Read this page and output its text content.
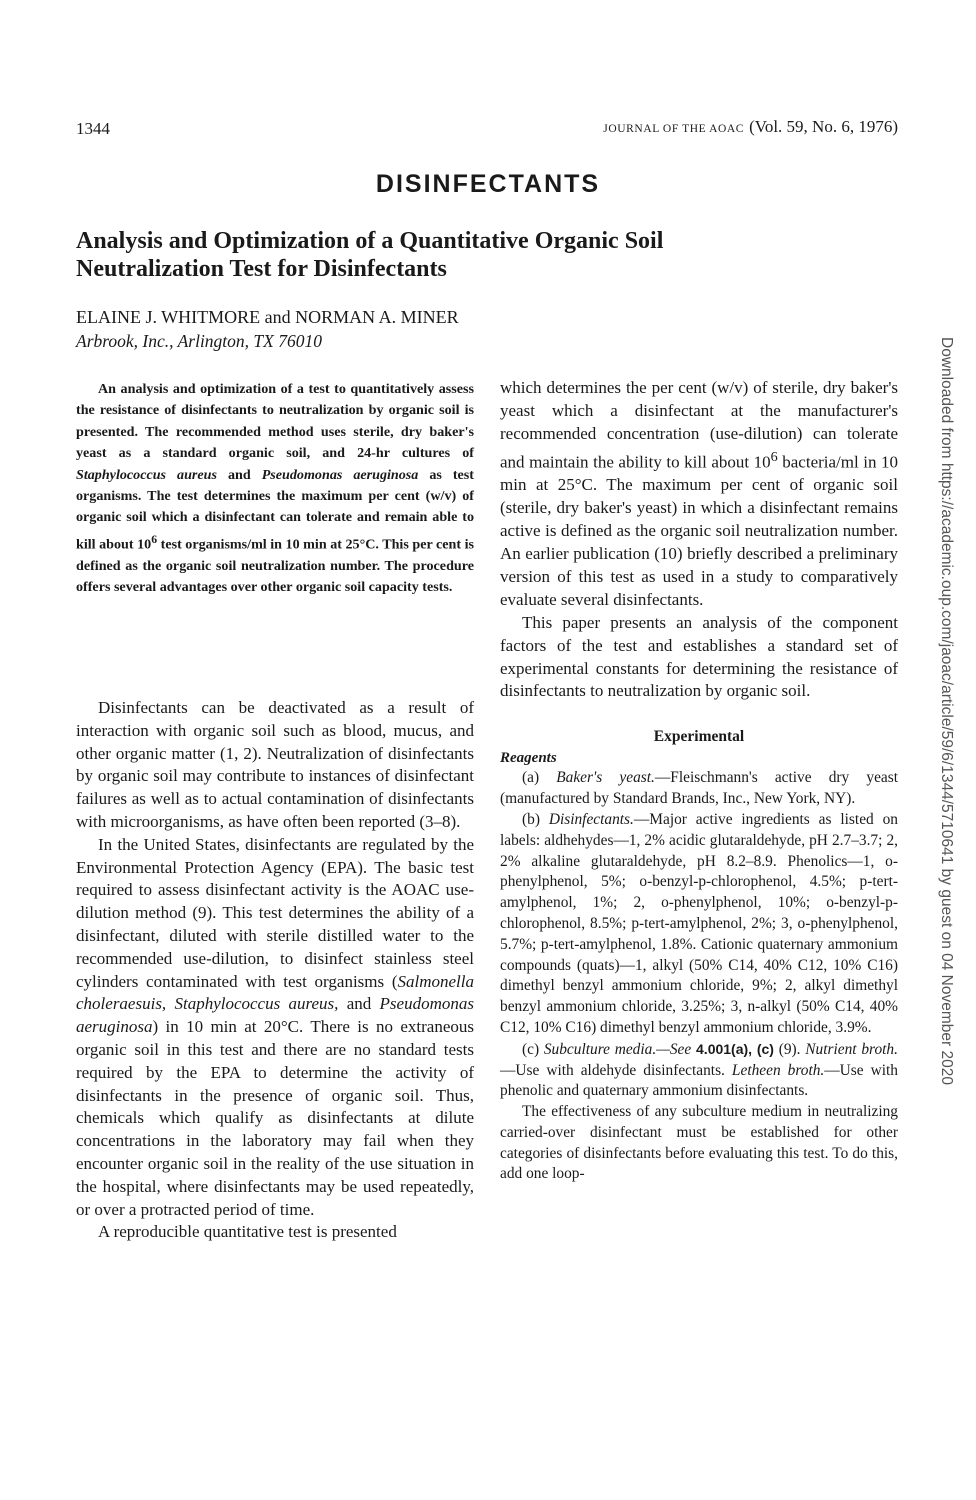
1344	JOURNAL OF THE AOAC (Vol. 59, No. 6, 1976)
DISINFECTANTS
Analysis and Optimization of a Quantitative Organic Soil
Neutralization Test for Disinfectants
ELAINE J. WHITMORE and NORMAN A. MINER
Arbrook, Inc., Arlington, TX 76010

An analysis and optimization of a test to quantitatively assess the resistance of disinfectants to neutralization by organic soil is presented. The recommended method uses sterile, dry baker's yeast as a standard organic soil, and 24-hr cultures of Staphylococcus aureus and Pseudomonas aeruginosa as test organisms. The test determines the maximum per cent (w/v) of organic soil which a disinfectant can tolerate and remain able to kill about $10^6$ test organisms/ml in 10 min at 25°C. This per cent is defined as the organic soil neutralization number. The procedure offers several advantages over other organic soil capacity tests.

Disinfectants can be deactivated as a result of interaction with organic soil such as blood, mucus, and other organic matter (1, 2). Neutralization of disinfectants by organic soil may contribute to instances of disinfectant failures as well as to actual contamination of disinfectants with microorganisms, as have often been reported (3–8).

In the United States, disinfectants are regulated by the Environmental Protection Agency (EPA). The basic test required to assess disinfectant activity is the AOAC use-dilution method (9). This test determines the ability of a disinfectant, diluted with sterile distilled water to the recommended use-dilution, to disinfect stainless steel cylinders contaminated with test organisms (Salmonella choleraesuis, Staphylococcus aureus, and Pseudomonas aeruginosa) in 10 min at 20°C. There is no extraneous organic soil in this test and there are no standard tests required by the EPA to determine the activity of disinfectants in the presence of organic soil. Thus, chemicals which qualify as disinfectants at dilute concentrations in the laboratory may fail when they encounter organic soil in the reality of the use situation in the hospital, where disinfectants may be used repeatedly, or over a protracted period of time.

A reproducible quantitative test is presented

which determines the per cent (w/v) of sterile, dry baker's yeast which a disinfectant at the manufacturer's recommended concentration (use-dilution) can tolerate and maintain the ability to kill about $10^6$ bacteria/ml in 10 min at 25°C. The maximum per cent of organic soil (sterile, dry baker's yeast) in which a disinfectant remains active is defined as the organic soil neutralization number. An earlier publication (10) briefly described a preliminary version of this test as used in a study to comparatively evaluate several disinfectants.

This paper presents an analysis of the component factors of the test and establishes a standard set of experimental constants for determining the resistance of disinfectants to neutralization by organic soil.

Experimental
Reagents

(a) Baker's yeast.—Fleischmann's active dry yeast (manufactured by Standard Brands, Inc., New York, NY).

(b) Disinfectants.—Major active ingredients as listed on labels: aldhehydes—1, 2% acidic glutaraldehyde, pH 2.7–3.7; 2, 2% alkaline glutaraldehyde, pH 8.2–8.9. Phenolics—1, o-phenylphenol, 5%; o-benzyl-p-chlorophenol, 4.5%; p-tert-amylphenol, 1%; 2, o-phenylphenol, 10%; o-benzyl-p-chlorophenol, 8.5%; p-tert-amylphenol, 2%; 3, o-phenylphenol, 5.7%; p-tert-amylphenol, 1.8%. Cationic quaternary ammonium compounds (quats)—1, alkyl (50% C14, 40% C12, 10% C16) dimethyl benzyl ammonium chloride, 9%; 2, alkyl dimethyl benzyl ammonium chloride, 3.25%; 3, n-alkyl (50% C14, 40% C12, 10% C16) dimethyl benzyl ammonium chloride, 3.9%.

(c) Subculture media.—See 4.001(a), (c) (9). Nutrient broth.—Use with aldehyde disinfectants. Letheen broth.—Use with phenolic and quaternary ammonium disinfectants.

The effectiveness of any subculture medium in neutralizing carried-over disinfectant must be established for other categories of disinfectants before evaluating this test. To do this, add one loop-

Downloaded from https://academic.oup.com/jaoac/article/59/6/1344/5710641 by guest on 04 November 2020
